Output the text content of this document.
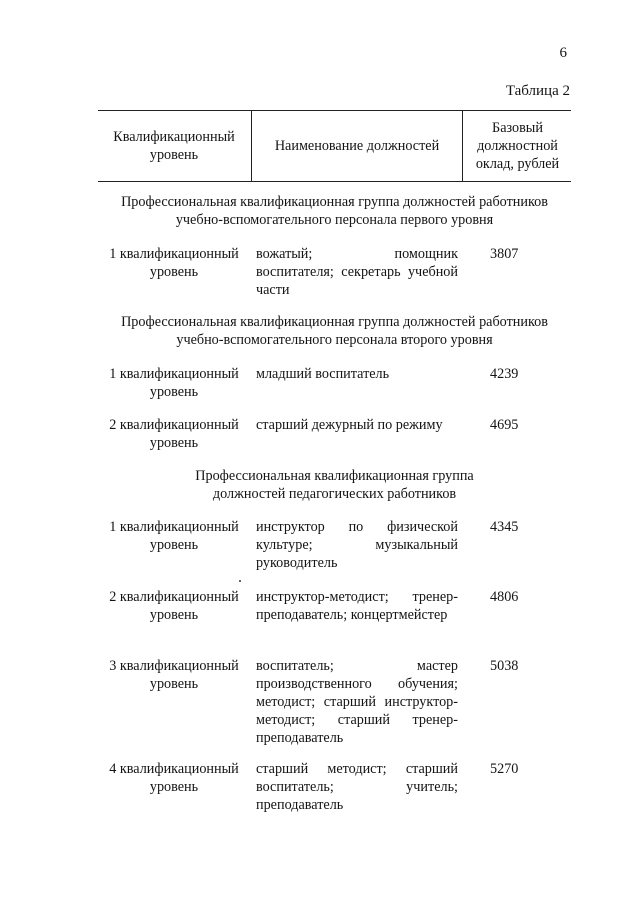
6
Таблица 2
Квалификационный
уровень
Наименование должностей
Базовый
должностной
оклад, рублей
Профессиональная квалификационная группа должностей работников
учебно-вспомогательного персонала первого уровня
1 квалификационный
уровень
вожатый; помощник воспитателя; секретарь учебной части
3807
Профессиональная квалификационная группа должностей работников
учебно-вспомогательного персонала второго уровня
1 квалификационный
уровень
младший воспитатель	4239
2 квалификационный
уровень
старший дежурный по режиму	4695
Профессиональная квалификационная группа
должностей педагогических работников
1 квалификационный
уровень
инструктор по физической культуре; музыкальный руководитель
4345
2 квалификационный
уровень
инструктор-методист; тренер-преподаватель; концертмейстер
4806
3 квалификационный
уровень
воспитатель; мастер производственного обучения; методист; старший инструктор-методист; старший тренер-преподаватель
5038
4 квалификационный
уровень
старший методист; старший воспитатель; учитель; преподаватель
5270
